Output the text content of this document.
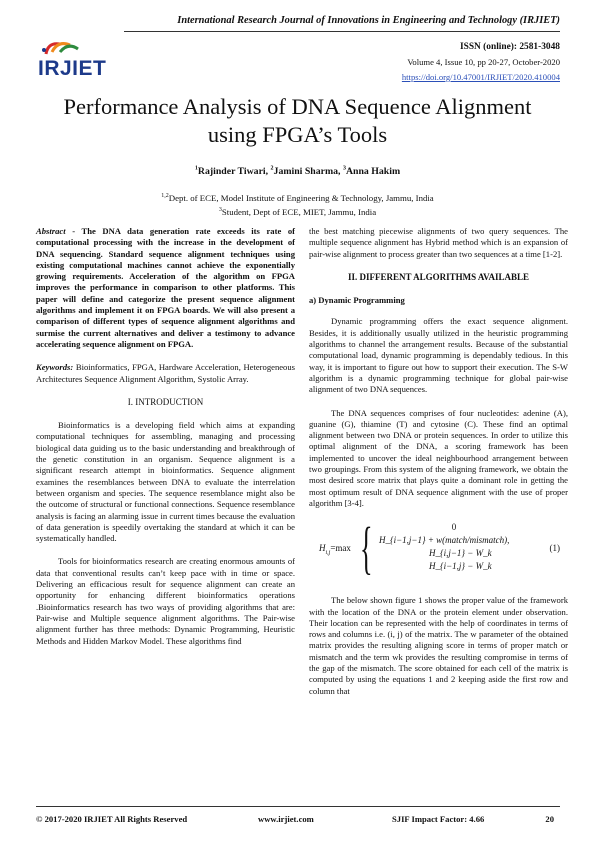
International Research Journal of Innovations in Engineering and Technology (IRJIET)
IRJIET
ISSN (online): 2581-3048
Volume 4, Issue 10, pp 20-27, October-2020
https://doi.org/10.47001/IRJIET/2020.410004
Performance Analysis of DNA Sequence Alignment
using FPGA’s Tools
$^1$Rajinder Tiwari, $^2$Jamini Sharma, $^3$Anna Hakim
$^{1,2}$Dept. of ECE, Model Institute of Engineering & Technology, Jammu, India
$^3$Student, Dept of ECE, MIET, Jammu, India

Abstract - The DNA data generation rate exceeds its rate of computational processing with the increase in the development of DNA sequencing. Standard sequence alignment techniques using existing computational machines cannot achieve the exponentially growing requirements. Acceleration of the algorithm on FPGA improves the performance in comparison to other platforms. This paper will define and categorize the present sequence alignment algorithms and implement it on FPGA boards. We will also present a comparison of different types of sequence alignment algorithms and surmise the current alternatives and deliver a testimony to advance accelerating sequence alignment on FPGA.

Keywords: Bioinformatics, FPGA, Hardware Acceleration, Heterogeneous Architectures Sequence Alignment Algorithm, Systolic Array.

I. INTRODUCTION

Bioinformatics is a developing field which aims at expanding computational techniques for assembling, managing and processing biological data guiding us to the basic understanding and breakthrough of the genetic constitution in an organism. Sequence alignment is a significant research attempt in bioinformatics. Sequence alignment examines the resemblances between DNA to evaluate the interrelation between organism and species. The sequence resemblance might also be the outcome of structural or functional connections. Sequence resemblance analysis is facing an alarming issue in current times because the evaluation of data generation is speedily overtaking the standard at which it can be systematically handled.

Tools for bioinformatics research are creating enormous amounts of data that conventional results can’t keep pace with in time or space. Delivering an efficacious result for sequence alignment can create an opportunity for enhancing different bioinformatics operations .Bioinformatics research has two ways of providing algorithms that are: Pair-wise and Multiple sequence alignment algorithms. The Pair-wise alignment further has three methods: Dynamic Programming, Heuristic Methods and Hidden Markov Model. These algorithms find

the best matching piecewise alignments of two query sequences. The multiple sequence alignment has Hybrid method which is an expansion of pair-wise alignment to process greater than two sequences at a time [1-2].

II. DIFFERENT ALGORITHMS AVAILABLE
a) Dynamic Programming

Dynamic programming offers the exact sequence alignment. Besides, it is additionally usually utilized in the heuristic programming algorithms to channel the arrangement results. Because of the substantial computational load, dynamic programming is dependably tedious. In this way, it is important to figure out how to support their execution. The S-W algorithm is a dynamic programming technique for global pair-wise alignment of two DNA sequences.

The DNA sequences comprises of four nucleotides: adenine (A), guanine (G), thiamine (T) and cytosine (C). These find an optimal alignment between two DNA or protein sequences. In order to utilize this optimal alignment of the DNA, a scoring framework has been implemented to uncover the ideal neighbourhood arrangement between two groupings. From this system of the aligning framework, we obtain the most desired score matrix that plays quite a dominant role in getting the most optimum result of DNA sequence alignment with the use of proper algorithm [3-4].

$H_{i,j}=\max$ {	0
H_{i−1,j−1} + w(match/mismatch),
H_{i,j−1} − W_k
H_{i−1,j} − W_k
(1)

The below shown figure 1 shows the proper value of the framework with the location of the DNA or the protein element under observation. Their location can be represented with the help of coordinates in terms of rows and columns i.e. (i, j) of the matrix. The w parameter of the obtained matrix provides the resulting aligning score in terms of proper match or mismatch and the term wk provides the resulting compromise in terms of the gap of the mismatch. The score obtained for each cell of the matrix is computed by using the equations 1 and 2 keeping aside the first row and column that

© 2017-2020 IRJIET All Rights Reserved	www.irjiet.com	SJIF Impact Factor: 4.66	20
